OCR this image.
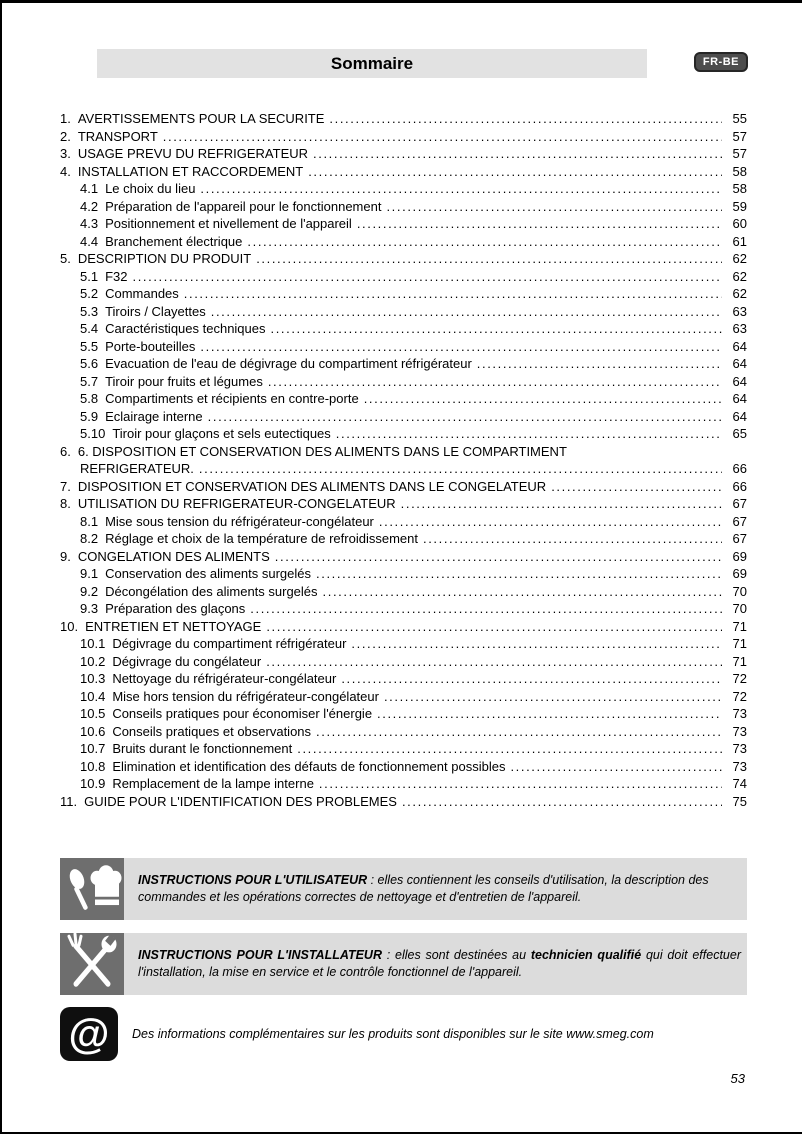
Sommaire	FR-BE
1. AVERTISSEMENTS POUR LA SECURITE .....	55
2. TRANSPORT .....	57
3. USAGE PREVU DU REFRIGERATEUR .....	57
4. INSTALLATION ET RACCORDEMENT .....	58
4.1 Le choix du lieu .....	58
4.2 Préparation de l'appareil pour le fonctionnement .....	59
4.3 Positionnement et nivellement de l'appareil .....	60
4.4 Branchement électrique .....	61
5. DESCRIPTION DU PRODUIT .....	62
5.1 F32 .....	62
5.2 Commandes .....	62
5.3 Tiroirs / Clayettes .....	63
5.4 Caractéristiques techniques .....	63
5.5 Porte-bouteilles .....	64
5.6 Evacuation de l'eau de dégivrage du compartiment réfrigérateur .....	64
5.7 Tiroir pour fruits et légumes .....	64
5.8 Compartiments et récipients en contre-porte .....	64
5.9 Eclairage interne .....	64
5.10 Tiroir pour glaçons et sels eutectiques .....	65
6. 6. DISPOSITION ET CONSERVATION DES ALIMENTS DANS LE COMPARTIMENT
REFRIGERATEUR. .....	66
7. DISPOSITION ET CONSERVATION DES ALIMENTS DANS LE CONGELATEUR .....	66
8. UTILISATION DU REFRIGERATEUR-CONGELATEUR .....	67
8.1 Mise sous tension du réfrigérateur-congélateur .....	67
8.2 Réglage et choix de la température de refroidissement .....	67
9. CONGELATION DES ALIMENTS .....	69
9.1 Conservation des aliments surgelés .....	69
9.2 Décongélation des aliments surgelés .....	70
9.3 Préparation des glaçons .....	70
10. ENTRETIEN ET NETTOYAGE .....	71
10.1 Dégivrage du compartiment réfrigérateur .....	71
10.2 Dégivrage du congélateur .....	71
10.3 Nettoyage du réfrigérateur-congélateur .....	72
10.4 Mise hors tension du réfrigérateur-congélateur .....	72
10.5 Conseils pratiques pour économiser l'énergie .....	73
10.6 Conseils pratiques et observations .....	73
10.7 Bruits durant le fonctionnement .....	73
10.8 Elimination et identification des défauts de fonctionnement possibles .....	73
10.9 Remplacement de la lampe interne .....	74
11. GUIDE POUR L'IDENTIFICATION DES PROBLEMES .....	75

INSTRUCTIONS POUR L'UTILISATEUR : elles contiennent les conseils d'utilisation, la description des commandes et les opérations correctes de nettoyage et d'entretien de l'appareil.

INSTRUCTIONS POUR L'INSTALLATEUR : elles sont destinées au technicien qualifié qui doit effectuer l'installation, la mise en service et le contrôle fonctionnel de l'appareil.

@	Des informations complémentaires sur les produits sont disponibles sur le site www.smeg.com

53
